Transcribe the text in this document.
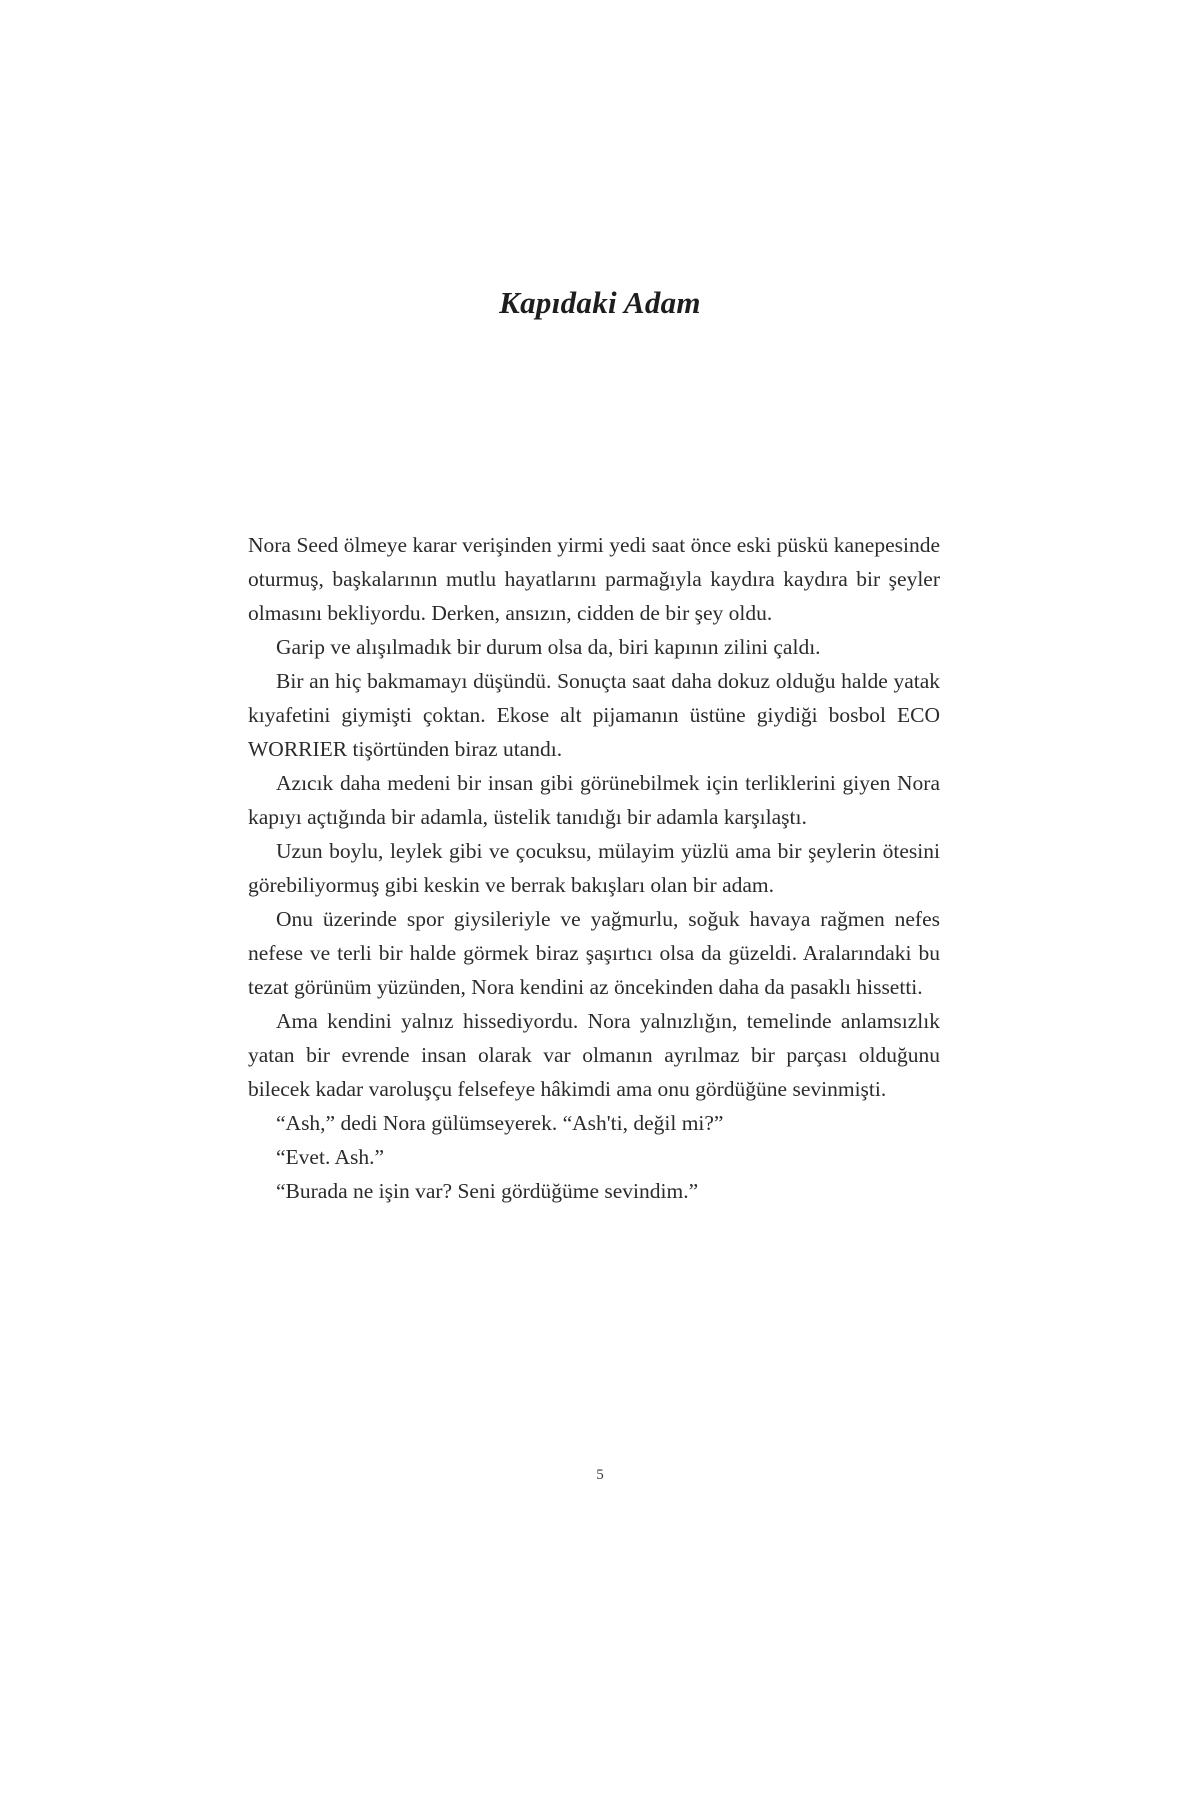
Kapıdaki Adam

Nora Seed ölmeye karar verişinden yirmi yedi saat önce eski püskü kanepesinde oturmuş, başkalarının mutlu hayatlarını parmağıyla kaydıra kaydıra bir şeyler olmasını bekliyordu. Derken, ansızın, cidden de bir şey oldu.

Garip ve alışılmadık bir durum olsa da, biri kapının zilini çaldı.

Bir an hiç bakmamayı düşündü. Sonuçta saat daha dokuz olduğu halde yatak kıyafetini giymişti çoktan. Ekose alt pijamanın üstüne giydiği bosbol ECO WORRIER tişörtünden biraz utandı.

Azıcık daha medeni bir insan gibi görünebilmek için terliklerini giyen Nora kapıyı açtığında bir adamla, üstelik tanıdığı bir adamla karşılaştı.

Uzun boylu, leylek gibi ve çocuksu, mülayim yüzlü ama bir şeylerin ötesini görebiliyormuş gibi keskin ve berrak bakışları olan bir adam.

Onu üzerinde spor giysileriyle ve yağmurlu, soğuk havaya rağmen nefes nefese ve terli bir halde görmek biraz şaşırtıcı olsa da güzeldi. Aralarındaki bu tezat görünüm yüzünden, Nora kendini az öncekinden daha da pasaklı hissetti.

Ama kendini yalnız hissediyordu. Nora yalnızlığın, temelinde anlamsızlık yatan bir evrende insan olarak var olmanın ayrılmaz bir parçası olduğunu bilecek kadar varoluşçu felsefeye hâkimdi ama onu gördüğüne sevinmişti.

“Ash,” dedi Nora gülümseyerek. “Ash'ti, değil mi?”

“Evet. Ash.”

“Burada ne işin var? Seni gördüğüme sevindim.”

5
